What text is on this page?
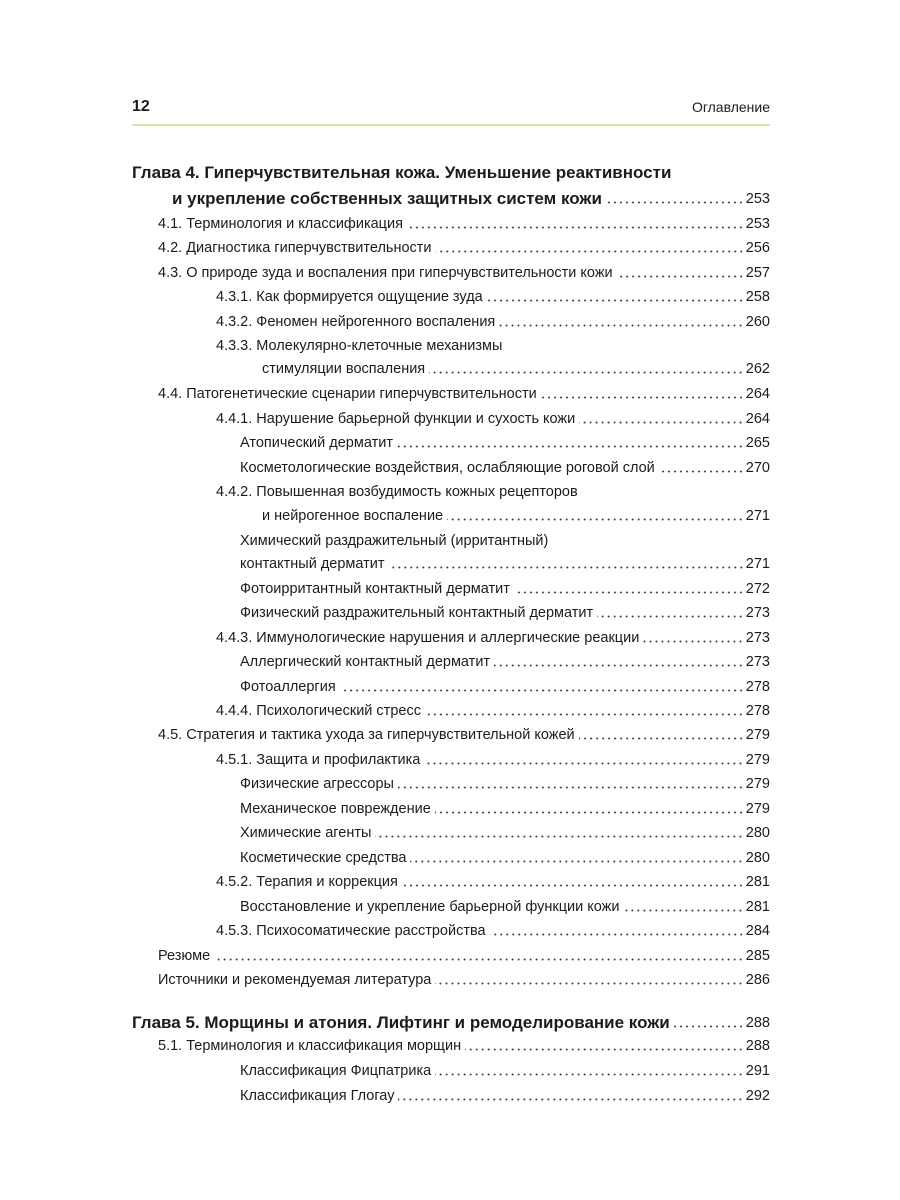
12	Оглавление
Глава 4. Гиперчувствительная кожа. Уменьшение реактивности
и укрепление собственных защитных систем кожи	253
4.1. Терминология и классификация	253
4.2. Диагностика гиперчувствительности	256
4.3. О природе зуда и воспаления при гиперчувствительности кожи	257
4.3.1. Как формируется ощущение зуда	258
4.3.2. Феномен нейрогенного воспаления	260
4.3.3. Молекулярно-клеточные механизмы
стимуляции воспаления	262
4.4. Патогенетические сценарии гиперчувствительности	264
4.4.1. Нарушение барьерной функции и сухость кожи	264
Атопический дерматит	265
Косметологические воздействия, ослабляющие роговой слой	270
4.4.2. Повышенная возбудимость кожных рецепторов
и нейрогенное воспаление	271
Химический раздражительный (ирритантный)
контактный дерматит	271
Фотоирритантный контактный дерматит	272
Физический раздражительный контактный дерматит	273
4.4.3. Иммунологические нарушения и аллергические реакции	273
Аллергический контактный дерматит	273
Фотоаллергия	278
4.4.4. Психологический стресс	278
4.5. Стратегия и тактика ухода за гиперчувствительной кожей	279
4.5.1. Защита и профилактика	279
Физические агрессоры	279
Механическое повреждение	279
Химические агенты	280
Косметические средства	280
4.5.2. Терапия и коррекция	281
Восстановление и укрепление барьерной функции кожи	281
4.5.3. Психосоматические расстройства	284
Резюме	285
Источники и рекомендуемая литература	286
Глава 5. Морщины и атония. Лифтинг и ремоделирование кожи	288
5.1. Терминология и классификация морщин	288
Классификация Фицпатрика	291
Классификация Глогау	292
